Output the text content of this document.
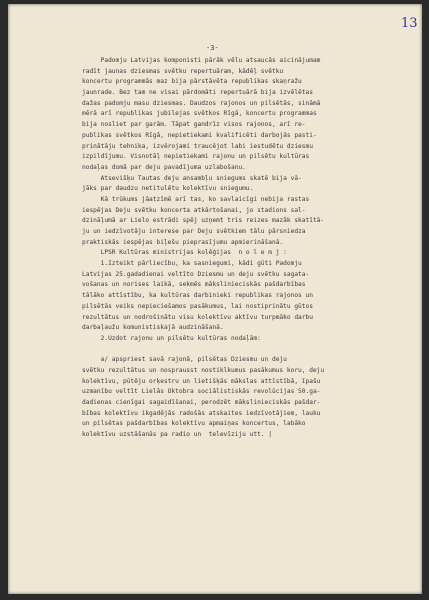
13
-3-
Padomju Latvijas komponisti pārāk vēlu atsaucās aicinājumam
radīt jaunas dziesmas svētku repertuāram, kādēļ svētku
koncertu programmās maz bija pārstāvēta republikas skaņražu
jaunrade. Bez tam ne visai pārdomāti repertuārā bija izvēlētas
dažas padomju masu dziesmas. Daudzos rajonos un pilsētās, sināmā
mērā arī republikas jubilejas svētkos Rīgā, koncertu programmas
bija nosliet par garām. Tāpat gandrīz visos rajonos, arī re-
publikas svētkos Rīgā, nepietiekami kvalificēti darbojās pasti-
prinātāju tehnika, izvērojami traucējot labi iestudētu dziesmu
izpildījumu. Visnotāļ nepietiekami rajonu un pilsētu kultūras
nodaļas domā par deju pavadījuma uzlabošanu.
Atsevišķu Tautas deju ansambļu sniegums skatē bija vā-
jāks par daudzu netitulētu kolektīvu sniegumu.
Kā trūkums jāatzīmē arī tas, ko savlaicīgi nebija rastas
iespējas Deju svētku koncerta atkārtošanai, jo stadions sal-
dzināļumā ar Lielo estrādi spēj uzņemt tris reizes mazāk skatītā-
ju un iedzīvotāju interese par Deju svētkiem tālu pārsniedza
praktiskās iespējas biļešu pieprasījumu apmierināšanā.
LPSR Kultūras ministrijas kolēģijas  n o l e m j :
1.Izteikt pārliecību, ka sasniegumi, kādi gūti Padomju
Latvijas 25.gadadienai veltīto Dziesmu un deju svētku sagata-
vošanas un norises laikā, sekmēs mākslinieciskās pašdarbības
tālāko attīstību, ka kultūras darbinieki republikas rajonos un
pilsētās veiks nepieciešamos pasākumus, lai nostiprinātu gūtos
rezultātus un nodrošinātu visu kolektīvu aktīvu turpmāko darbu
darbaļaužu komunistiskajā audzināšanā.
2.Uzdot rajonu un pilsētu kultūras nodaļām:
a/ apspriest savā rajonā, pilsētas Dziesmu un deju
svētku rezultātus un nosprausst nostiklkumus pasākumus koru, deju
kolektīvu, pūtēju orķestru un lietišķās mākslas attīstībā, īpašu
uzmanību veltīt Lielās Oktobra sociālistiskās revolūcijas 50.ga-
dadienas cienīgai sagaidīšanai, perodzēt mākslinieciskās pašdar-
bības kolektīvu ikgadējās radošās atskaites iedzīvotājiem, lauku
un pilsētas pašdarbības kolektīvu apmaiņas koncertus, labāko
kolektīvu uzstāšanās pa radio un  televīziju utt. |
